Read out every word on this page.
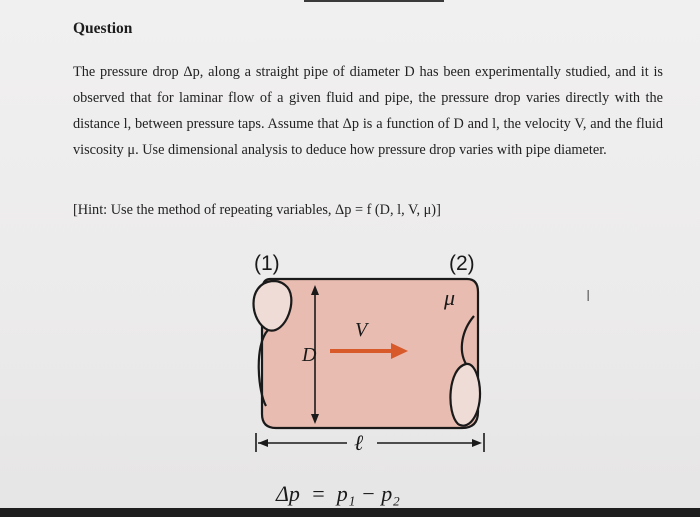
Question

The pressure drop Δp, along a straight pipe of diameter D has been experimentally studied, and it is observed that for laminar flow of a given fluid and pipe, the pressure drop varies directly with the distance l, between pressure taps. Assume that Δp is a function of D and l, the velocity V, and the fluid viscosity μ. Use dimensional analysis to deduce how pressure drop varies with pipe diameter.

[Hint: Use the method of repeating variables, Δp = f (D, l, V, μ)]

(1)	(2)
μ
V
D
ℓ
Δp  =  p₁ − p₂
I
